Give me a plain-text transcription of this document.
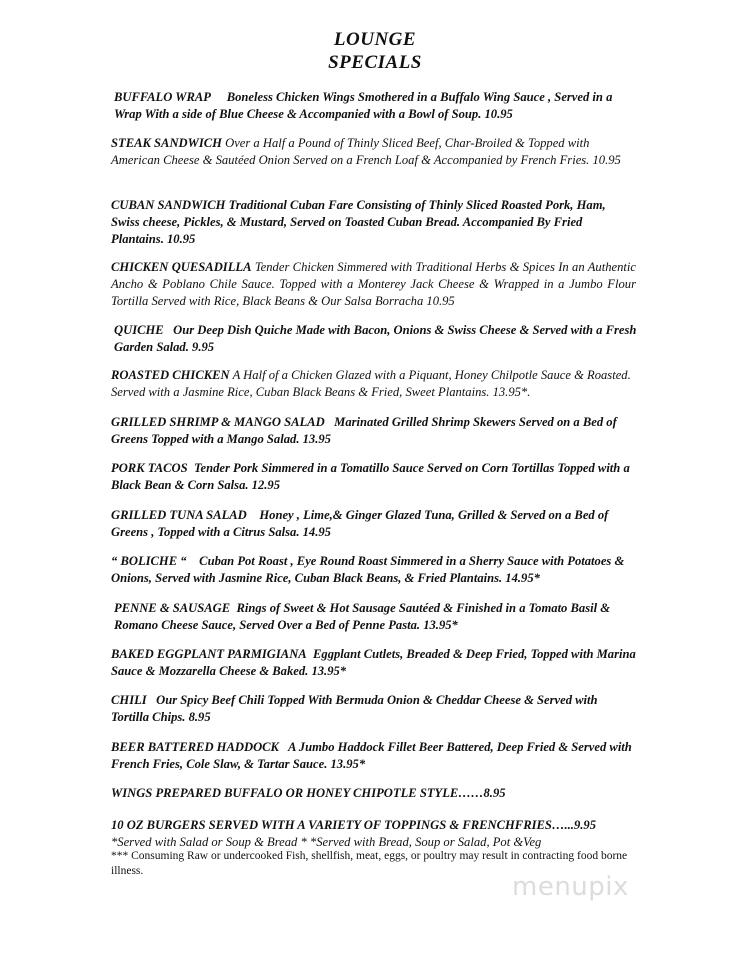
LOUNGE
SPECIALS
BUFFALO WRAP Boneless Chicken Wings Smothered in a Buffalo Wing Sauce , Served in a Wrap With a side of Blue Cheese & Accompanied with a Bowl of Soup. 10.95
STEAK SANDWICH Over a Half a Pound of Thinly Sliced Beef, Char-Broiled & Topped with American Cheese & Sautéed Onion Served on a French Loaf & Accompanied by French Fries. 10.95
CUBAN SANDWICH Traditional Cuban Fare Consisting of Thinly Sliced Roasted Pork, Ham, Swiss cheese, Pickles, & Mustard, Served on Toasted Cuban Bread. Accompanied By Fried Plantains. 10.95
CHICKEN QUESADILLA Tender Chicken Simmered with Traditional Herbs & Spices In an Authentic Ancho & Poblano Chile Sauce. Topped with a Monterey Jack Cheese & Wrapped in a Jumbo Flour Tortilla Served with Rice, Black Beans & Our Salsa Borracha 10.95
QUICHE Our Deep Dish Quiche Made with Bacon, Onions & Swiss Cheese & Served with a Fresh Garden Salad. 9.95
ROASTED CHICKEN A Half of a Chicken Glazed with a Piquant, Honey Chilpotle Sauce & Roasted. Served with a Jasmine Rice, Cuban Black Beans & Fried, Sweet Plantains. 13.95*.
GRILLED SHRIMP & MANGO SALAD Marinated Grilled Shrimp Skewers Served on a Bed of Greens Topped with a Mango Salad. 13.95
PORK TACOS Tender Pork Simmered in a Tomatillo Sauce Served on Corn Tortillas Topped with a Black Bean & Corn Salsa. 12.95
GRILLED TUNA SALAD Honey , Lime,& Ginger Glazed Tuna, Grilled & Served on a Bed of Greens , Topped with a Citrus Salsa. 14.95
“ BOLICHE “ Cuban Pot Roast , Eye Round Roast Simmered in a Sherry Sauce with Potatoes & Onions, Served with Jasmine Rice, Cuban Black Beans, & Fried Plantains. 14.95*
PENNE & SAUSAGE Rings of Sweet & Hot Sausage Sautéed & Finished in a Tomato Basil & Romano Cheese Sauce, Served Over a Bed of Penne Pasta. 13.95*
BAKED EGGPLANT PARMIGIANA Eggplant Cutlets, Breaded & Deep Fried, Topped with Marina Sauce & Mozzarella Cheese & Baked. 13.95*
CHILI Our Spicy Beef Chili Topped With Bermuda Onion & Cheddar Cheese & Served with Tortilla Chips. 8.95
BEER BATTERED HADDOCK A Jumbo Haddock Fillet Beer Battered, Deep Fried & Served with French Fries, Cole Slaw, & Tartar Sauce. 13.95*
WINGS PREPARED BUFFALO OR HONEY CHIPOTLE STYLE……8.95
10 OZ BURGERS SERVED WITH A VARIETY OF TOPPINGS & FRENCHFRIES…...9.95
*Served with Salad or Soup & Bread * *Served with Bread, Soup or Salad, Pot &Veg
*** Consuming Raw or undercooked Fish, shellfish, meat, eggs, or poultry may result in contracting food borne illness.
menupix
